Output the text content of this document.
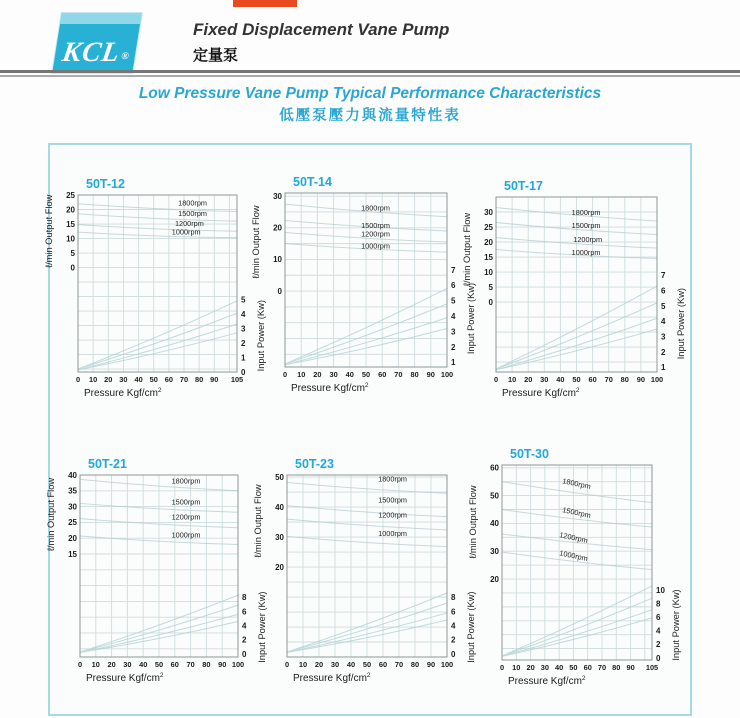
KCL®
Fixed Displacement Vane Pump
定量泵
Low Pressure Vane Pump Typical Performance Characteristics
低壓泵壓力與流量特性表
50T-12
25
20
15
10
5
0
ℓ/min Output Flow
5
4
3
2
1
0
Input Power (Kw)
0 10 20 30 40 50 60 70 80 90 105
Pressure Kgf/$cm^2$
1800rpm
1500rpm
1200rpm
1000rpm
50T-14
30
20
10
0
ℓ/min Output Flow	7
6
5
4
3
2
1
Input Power (Kw)
0 10 20 30 40 50 60 70 80 90 100
Pressure Kgf/$cm^2$
1800rpm
1500rpm
1200rpm
1000rpm
50T-17
30
25
20
15
10
5
0
ℓ/min Output Flow	7
6
5
4
3
2
1
Input Power (Kw)
0 10 20 30 40 50 60 70 80 90 100
Pressure Kgf/$cm^2$
1800rpm
1500rpm
1200rpm
1000rpm
50T-21
40
35
30
25
20
15
ℓ/min Output Flow
8
6
4
2
0 Input Power (Kw)
0 10 20 30 40 50 60 70 80 90 100
Pressure Kgf/$cm^2$
1800rpm
1500rpm
1200rpm
1000rpm
50T-23
50
40
30
20
ℓ/min Output Flow
8
6
4
2
0 Input Power (Kw)
0 10 20 30 40 50 60 70 80 90 100
Pressure Kgf/$cm^2$
1800rpm
1500rpm
1200rpm
1000rpm
50T-30
60
50
40
30
20
ℓ/min Output Flow
10
8
6
4
2
0 Input Power (Kw)
0 10 20 30 40 50 60 70 80 90 105
Pressure Kgf/$cm^2$
1800rpm
1500rpm
1200rpm
1000rpm
